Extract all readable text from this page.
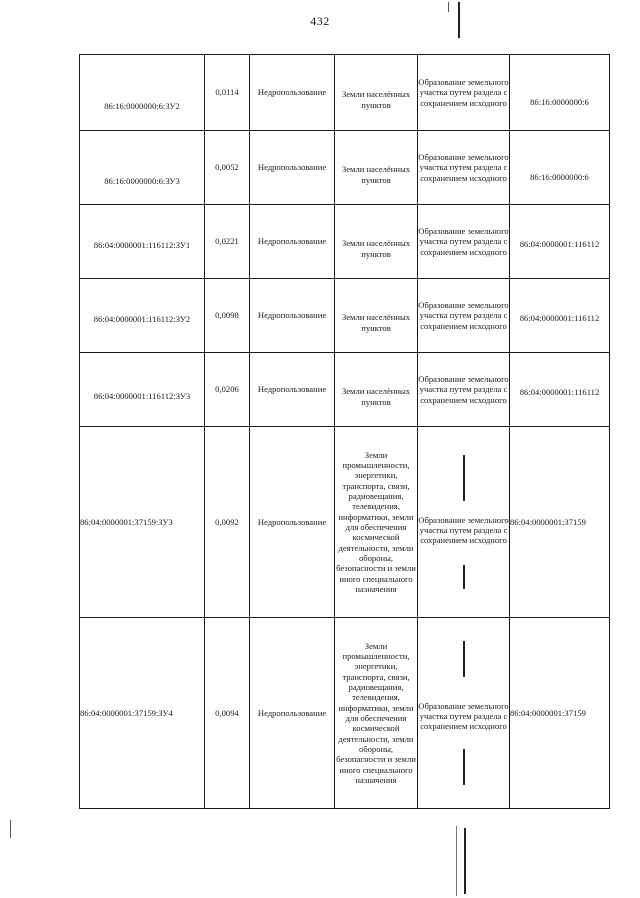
432
86:16:0000000:6:ЗУ2	0,0114	Недропользование	Земли населённых пунктов	Образование земельного участка путем раздела с сохранением исходного	86:16:0000000:6

86:16:0000000:6:ЗУ3	0,0052	Недропользование	Земли населённых пунктов	Образование земельного участка путем раздела с сохранением исходного	86:16:0000000:6

86:04:0000001:116112:ЗУ1	0,0221	Недропользование	Земли населённых пунктов	Образование земельного участка путем раздела с сохранением исходного	86:04:0000001:116112

86:04:0000001:116112:ЗУ2	0,0098	Недропользование	Земли населённых пунктов	Образование земельного участка путем раздела с сохранением исходного	86:04:0000001:116112

86:04:0000001:116112:ЗУ3	0,0206	Недропользование	Земли населённых пунктов	Образование земельного участка путем раздела с сохранением исходного	86:04:0000001:116112

86:04:0000001:37159:ЗУ3	0,0092	Недропользование	Земли промышленности, энергетики, транспорта, связи, радиовещания, телевидения, информатики, земли для обеспечения космической деятельности, земли обороны, безопасности и земли иного специального назначения	Образование земельного участка путем раздела с сохранением исходного	86:04:0000001:37159

86:04:0000001:37159:ЗУ4	0,0094	Недропользование	Земли промышленности, энергетики, транспорта, связи, радиовещания, телевидения, информатики, земли для обеспечения космической деятельности, земли обороны, безопасности и земли иного специального назначения	Образование земельного участка путем раздела с сохранением исходного	86:04:0000001:37159
